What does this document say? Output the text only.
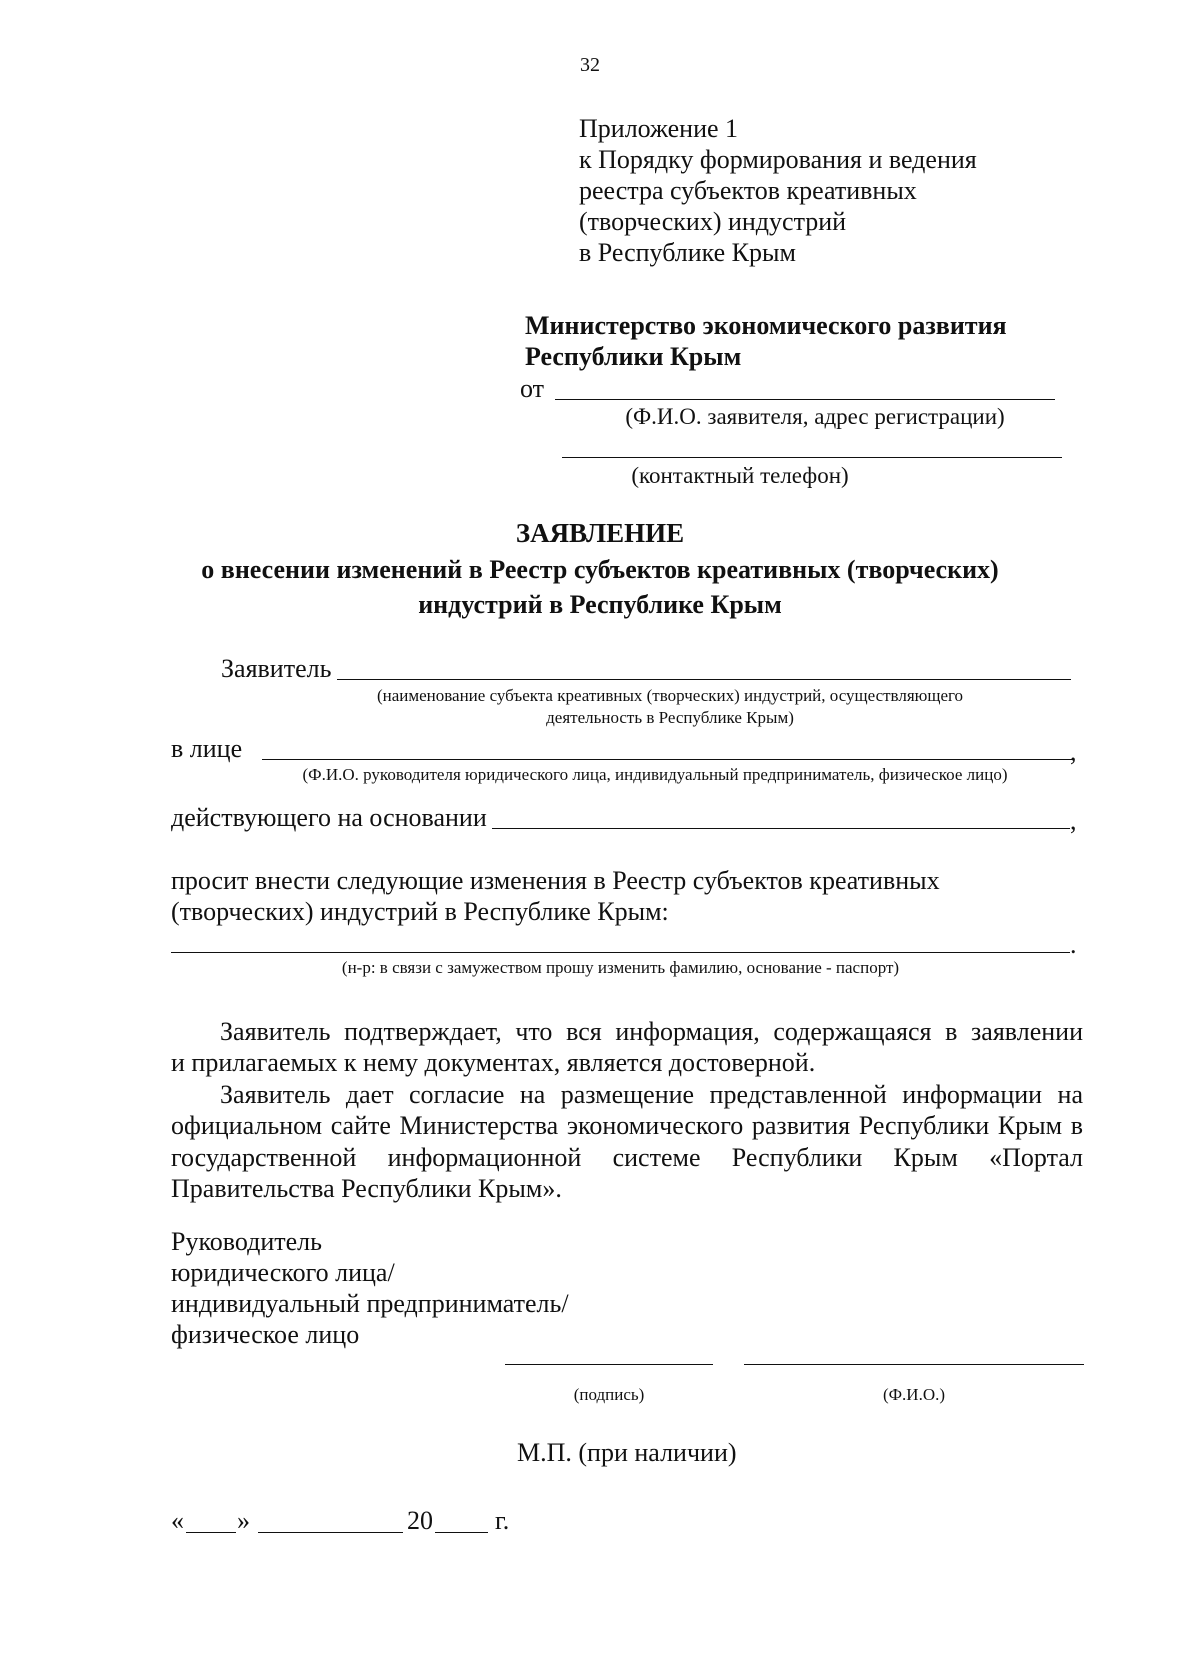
32
Приложение 1
к Порядку формирования и ведения
реестра субъектов креативных
(творческих) индустрий
в Республике Крым
Министерство экономического развития
Республики Крым
от
(Ф.И.О. заявителя, адрес регистрации)
(контактный телефон)
ЗАЯВЛЕНИЕ
о внесении изменений в Реестр субъектов креативных (творческих)
индустрий в Республике Крым
Заявитель
(наименование субъекта креативных (творческих) индустрий, осуществляющего
деятельность в Республике Крым)
в лице	,
(Ф.И.О. руководителя юридического лица, индивидуальный предприниматель, физическое лицо)
действующего на основании	,
просит внести следующие изменения в Реестр субъектов креативных
(творческих) индустрий в Республике Крым:
.
(н-р: в связи с замужеством прошу изменить фамилию, основание - паспорт)
Заявитель подтверждает, что вся информация, содержащаяся в заявлении
и прилагаемых к нему документах, является достоверной.
Заявитель дает согласие на размещение представленной информации на
официальном сайте Министерства экономического развития Республики Крым в
государственной информационной системе Республики Крым «Портал
Правительства Республики Крым».
Руководитель
юридического лица/
индивидуальный предприниматель/
физическое лицо
(подпись)	(Ф.И.О.)
М.П. (при наличии)
« »	20 г.
